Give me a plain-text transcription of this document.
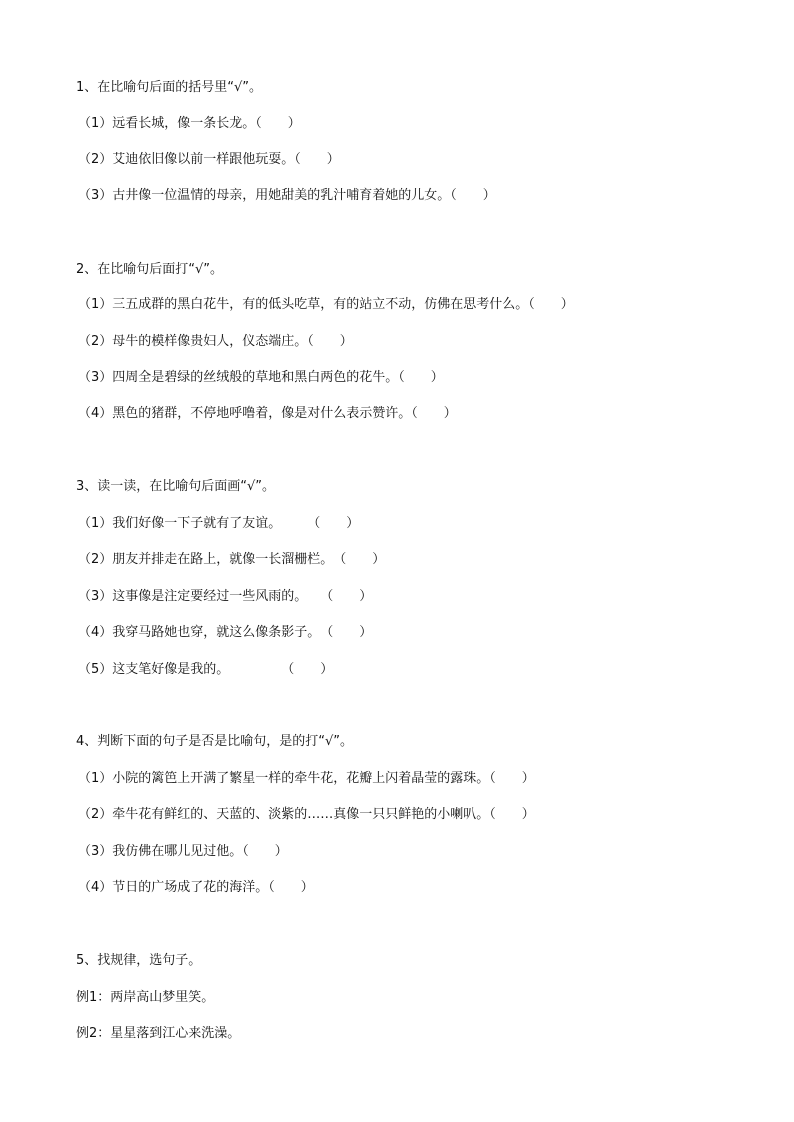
1、在比喻句后面的括号里“√”。
（1）远看长城，像一条长龙。（　　）
（2）艾迪依旧像以前一样跟他玩耍。（　　）
（3）古井像一位温情的母亲，用她甜美的乳汁哺育着她的儿女。（　　）
2、在比喻句后面打“√”。
（1）三五成群的黑白花牛，有的低头吃草，有的站立不动，仿佛在思考什么。（　　）
（2）母牛的模样像贵妇人，仪态端庄。（　　）
（3）四周全是碧绿的丝绒般的草地和黑白两色的花牛。（　　）
（4）黑色的猪群，不停地呼噜着，像是对什么表示赞许。（　　）
3、读一读，在比喻句后面画“√”。
（1）我们好像一下子就有了友谊。　　　（　　）
（2）朋友并排走在路上，就像一长溜栅栏。　（　　）
（3）这事像是注定要经过一些风雨的。　　（　　）
（4）我穿马路她也穿，就这么像条影子。　（　　）
（5）这支笔好像是我的。　　　　　（　　）
4、判断下面的句子是否是比喻句，是的打“√”。
（1）小院的篱笆上开满了繁星一样的牵牛花，花瓣上闪着晶莹的露珠。（　　）
（2）牵牛花有鲜红的、天蓝的、淡紫的……真像一只只鲜艳的小喇叭。（　　）
（3）我仿佛在哪儿见过他。（　　）
（4）节日的广场成了花的海洋。（　　）
5、找规律，选句子。
例1：两岸高山梦里笑。
例2：星星落到江心来洗澡。
